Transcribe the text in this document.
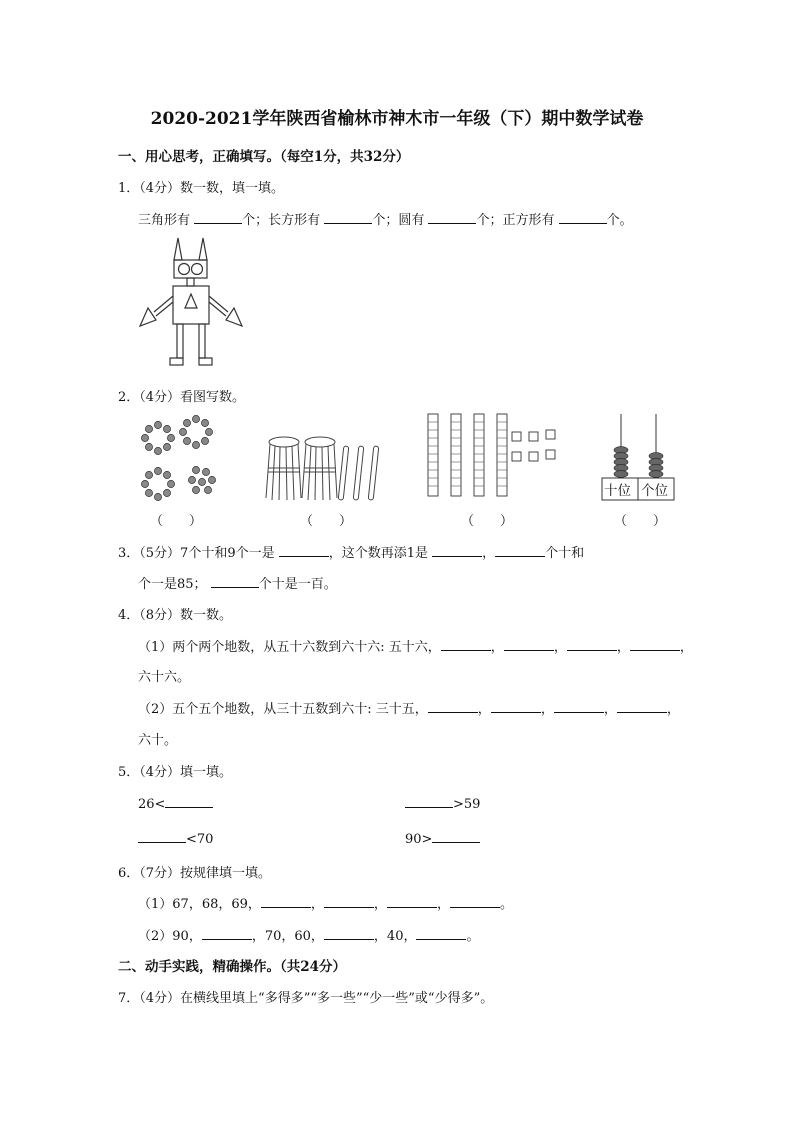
2020-2021学年陕西省榆林市神木市一年级（下）期中数学试卷
一、用心思考，正确填写。（每空1分，共32分）
1．（4分）数一数，填一填。
三角形有	个；长方形有	个；圆有	个；正方形有	个。
2．（4分）看图写数。
十位 个位
（　　）	（　　）	（　　）	（　　）
3．（5分）7个十和9个一是	，这个数再添1是	，	个十和
个一是85；	个十是一百。
4．（8分）数一数。
（1）两个两个地数，从五十六数到六十六: 五十六，	，	，	，	，
六十六。
（2）五个五个地数，从三十五数到六十: 三十五，	，	，	，	，
六十。
5．（4分）填一填。
26<	>59
<70	90>
6．（7分）按规律填一填。
（1）67，68，69，	，	，	，	。
（2）90，	，70，60，	，40，	。
二、动手实践，精确操作。（共24分）
7．（4分）在横线里填上“多得多”“多一些”“少一些”或“少得多”。
